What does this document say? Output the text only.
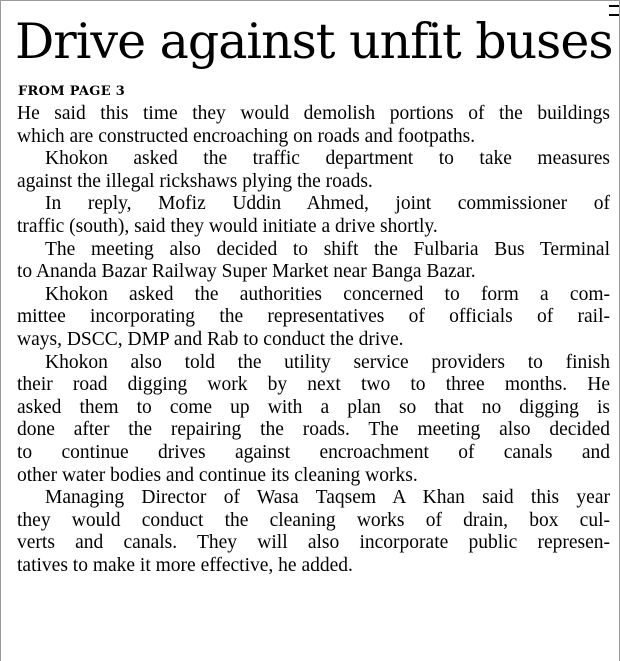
Drive against unfit buses
FROM PAGE 3
He said this time they would demolish portions of the buildings
which are constructed encroaching on roads and footpaths.
Khokon asked the traffic department to take measures
against the illegal rickshaws plying the roads.
In reply, Mofiz Uddin Ahmed, joint commissioner of
traffic (south), said they would initiate a drive shortly.
The meeting also decided to shift the Fulbaria Bus Terminal
to Ananda Bazar Railway Super Market near Banga Bazar.
Khokon asked the authorities concerned to form a com-
mittee incorporating the representatives of officials of rail-
ways, DSCC, DMP and Rab to conduct the drive.
Khokon also told the utility service providers to finish
their road digging work by next two to three months. He
asked them to come up with a plan so that no digging is
done after the repairing the roads. The meeting also decided
to continue drives against encroachment of canals and
other water bodies and continue its cleaning works.
Managing Director of Wasa Taqsem A Khan said this year
they would conduct the cleaning works of drain, box cul-
verts and canals. They will also incorporate public represen-
tatives to make it more effective, he added.
